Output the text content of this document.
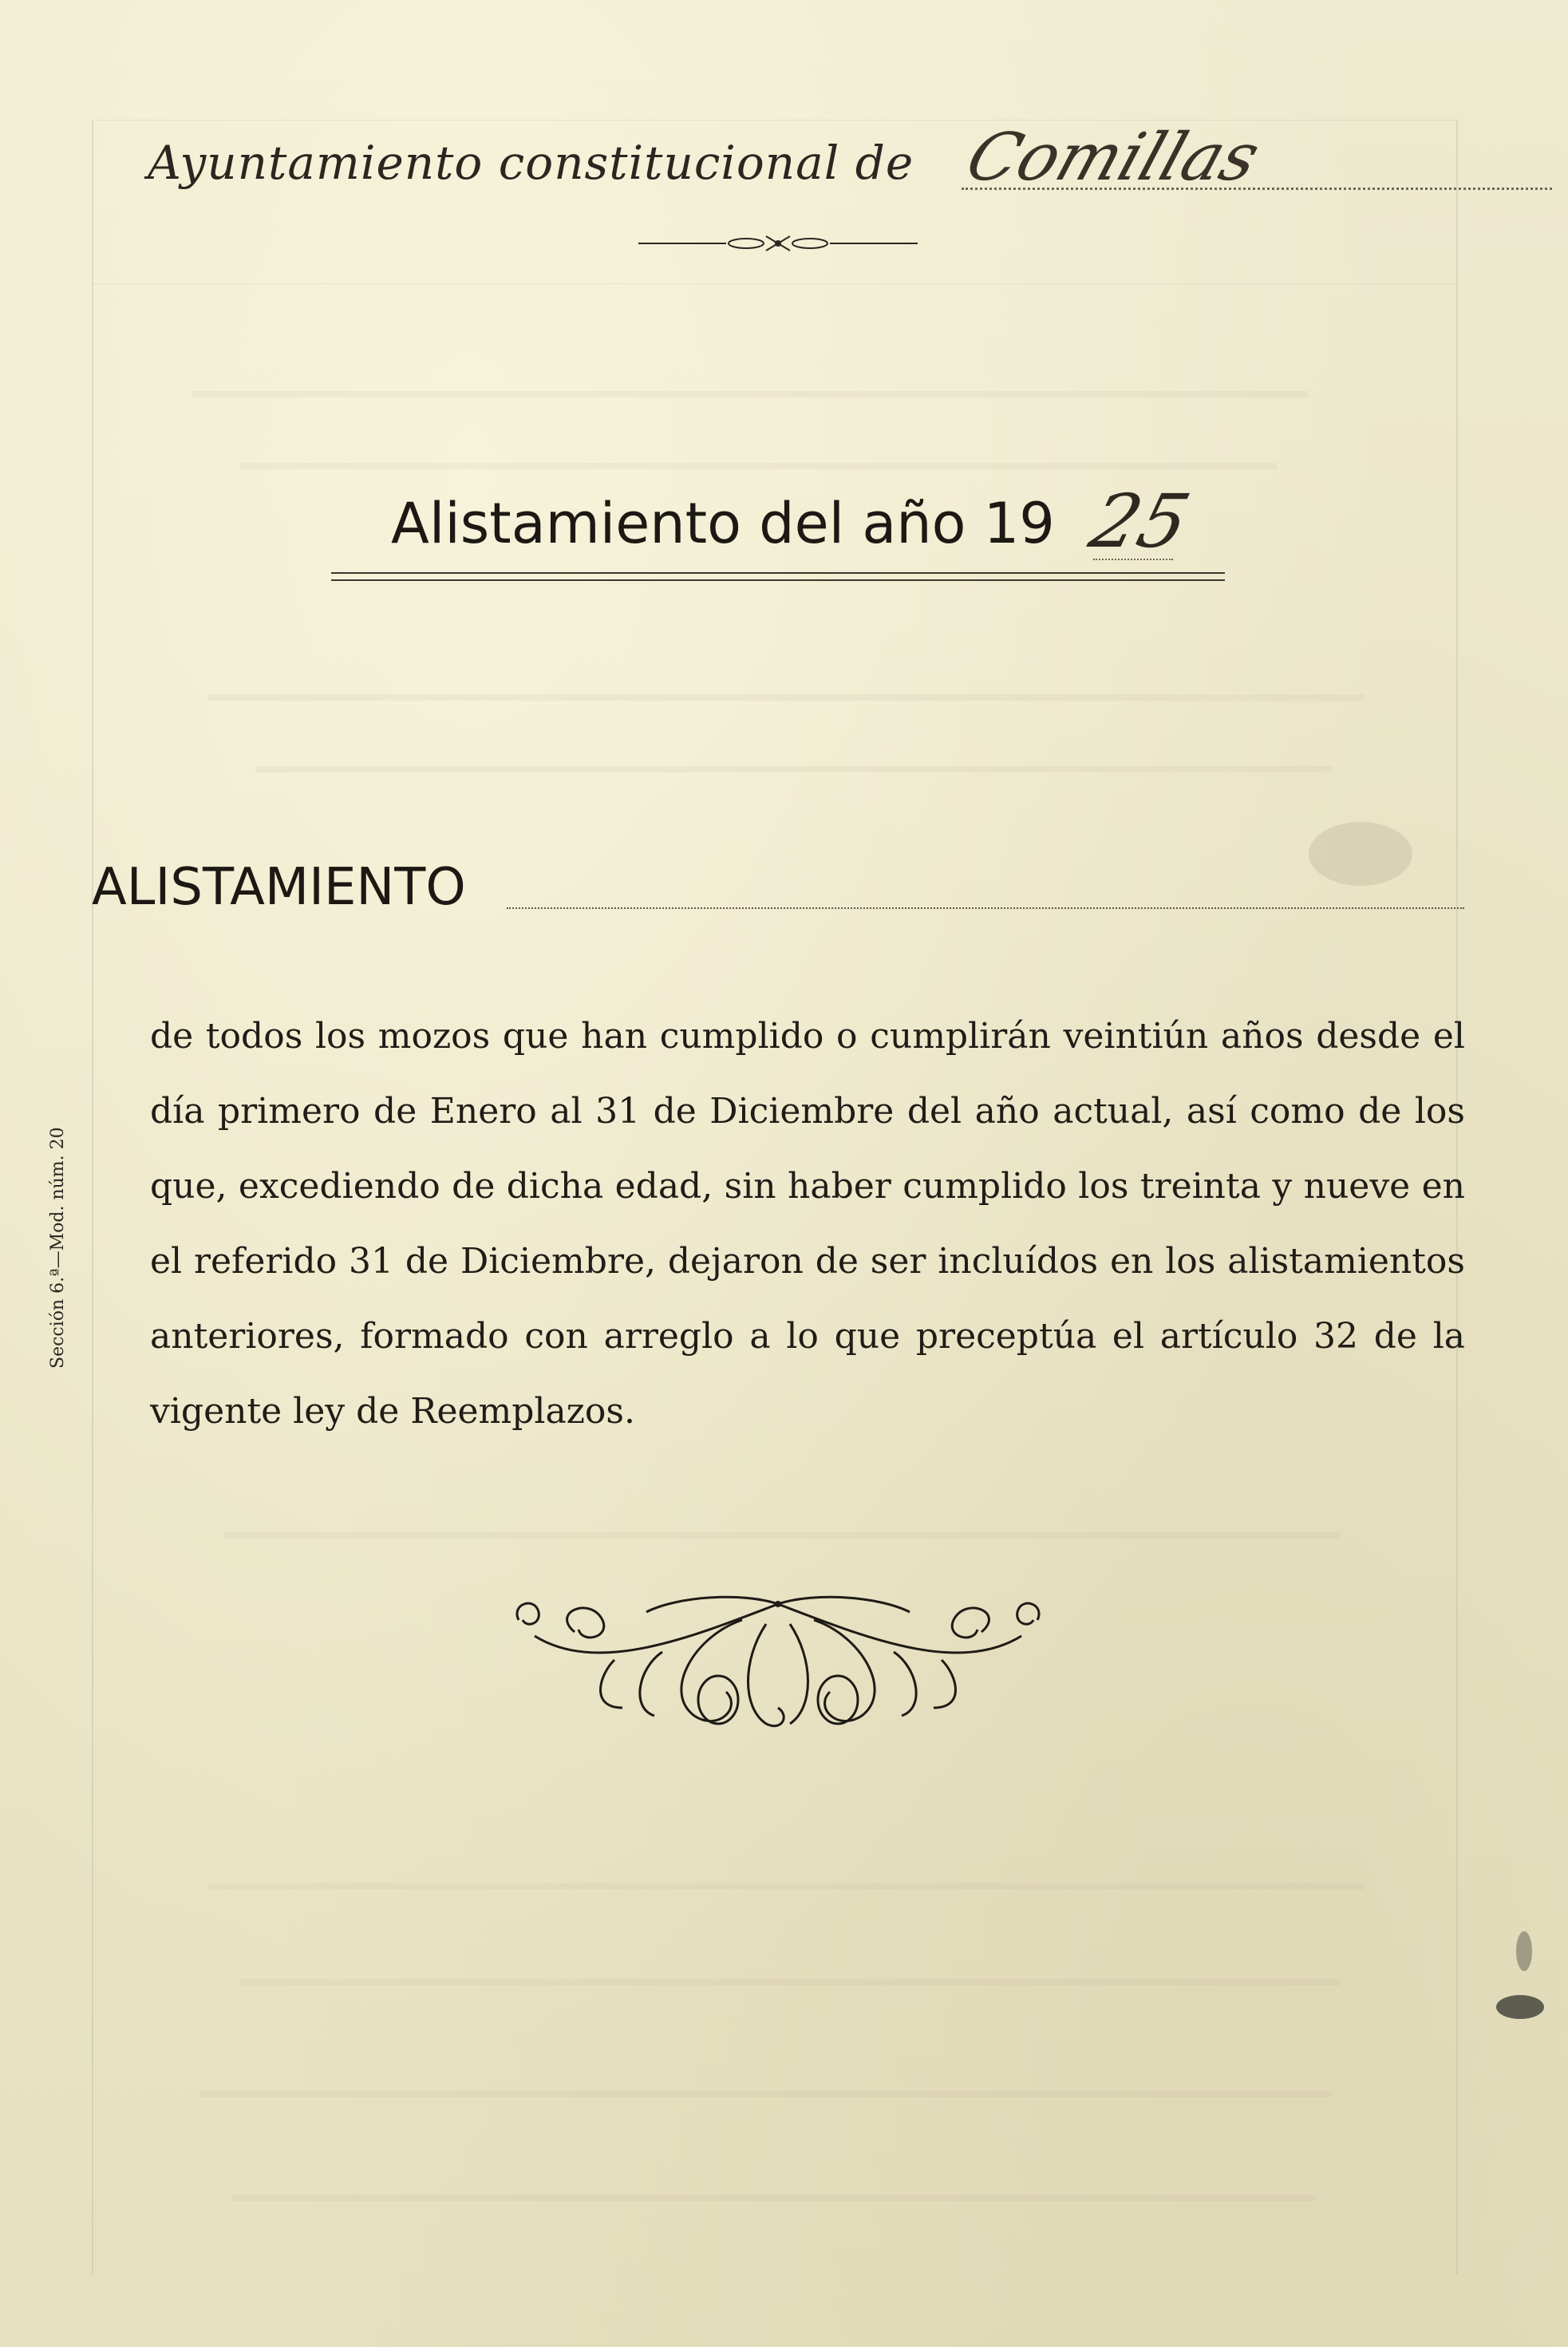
Ayuntamiento constitucional de Comillas
Alistamiento del año 19 25
ALISTAMIENTO

de todos los mozos que han cumplido o cumplirán veintiún años desde el día primero de Enero al 31 de Diciembre del año actual, así como de los que, excediendo de dicha edad, sin haber cumplido los treinta y nueve en el referido 31 de Diciembre, dejaron de ser incluídos en los alistamientos anteriores, formado con arreglo a lo que preceptúa el artículo 32 de la vigente ley de Reemplazos.

Sección 6.ª—Mod. núm. 20
